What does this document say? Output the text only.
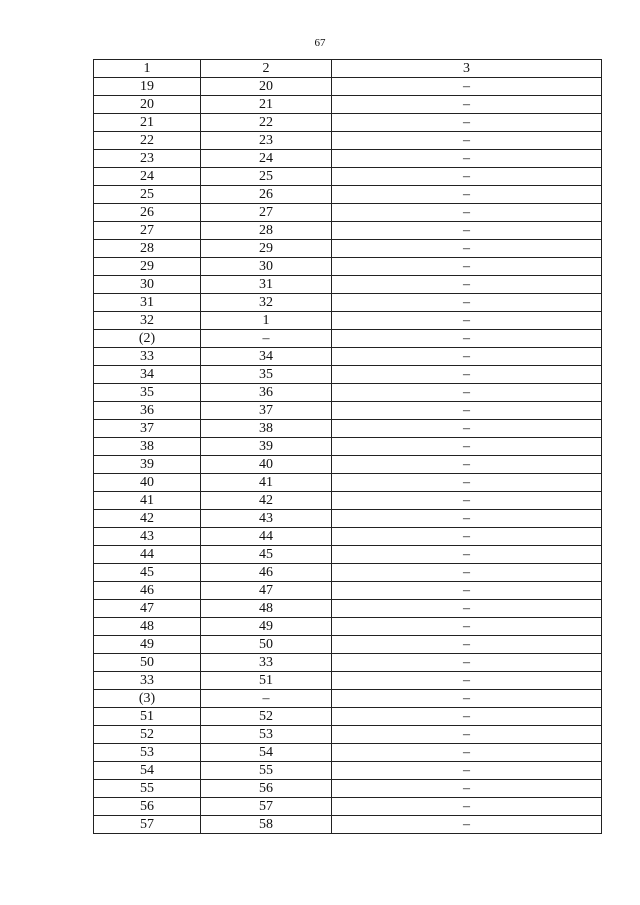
67
1	2	3
19	20	–
20	21	–
21	22	–
22	23	–
23	24	–
24	25	–
25	26	–
26	27	–
27	28	–
28	29	–
29	30	–
30	31	–
31	32	–
32	1	–
(2)	–	–
33	34	–
34	35	–
35	36	–
36	37	–
37	38	–
38	39	–
39	40	–
40	41	–
41	42	–
42	43	–
43	44	–
44	45	–
45	46	–
46	47	–
47	48	–
48	49	–
49	50	–
50	33	–
33	51	–
(3)	–	–
51	52	–
52	53	–
53	54	–
54	55	–
55	56	–
56	57	–
57	58	–
